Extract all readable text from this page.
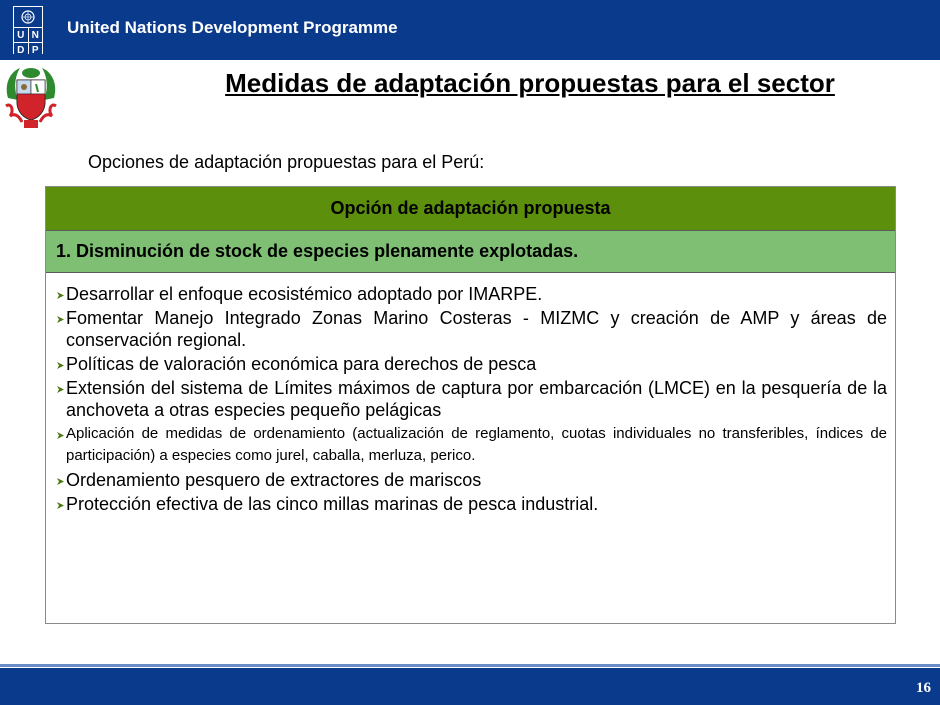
U N
D P
United Nations Development Programme
Medidas de adaptación propuestas para el sector
Opciones de adaptación propuestas para el Perú:
Opción de adaptación propuesta
1. Disminución de stock de especies plenamente explotadas.
Desarrollar el enfoque ecosistémico adoptado por IMARPE.
Fomentar Manejo Integrado Zonas Marino Costeras - MIZMC y creación de AMP y áreas de conservación regional.
Políticas de valoración económica para derechos de pesca
Extensión del sistema de Límites máximos de captura por embarcación (LMCE) en la pesquería de la anchoveta a otras especies pequeño pelágicas
Aplicación de medidas de ordenamiento (actualización de reglamento, cuotas individuales no transferibles, índices de participación) a especies como jurel, caballa, merluza, perico.
Ordenamiento pesquero de extractores de mariscos
Protección efectiva de las cinco millas marinas de pesca industrial.
16
